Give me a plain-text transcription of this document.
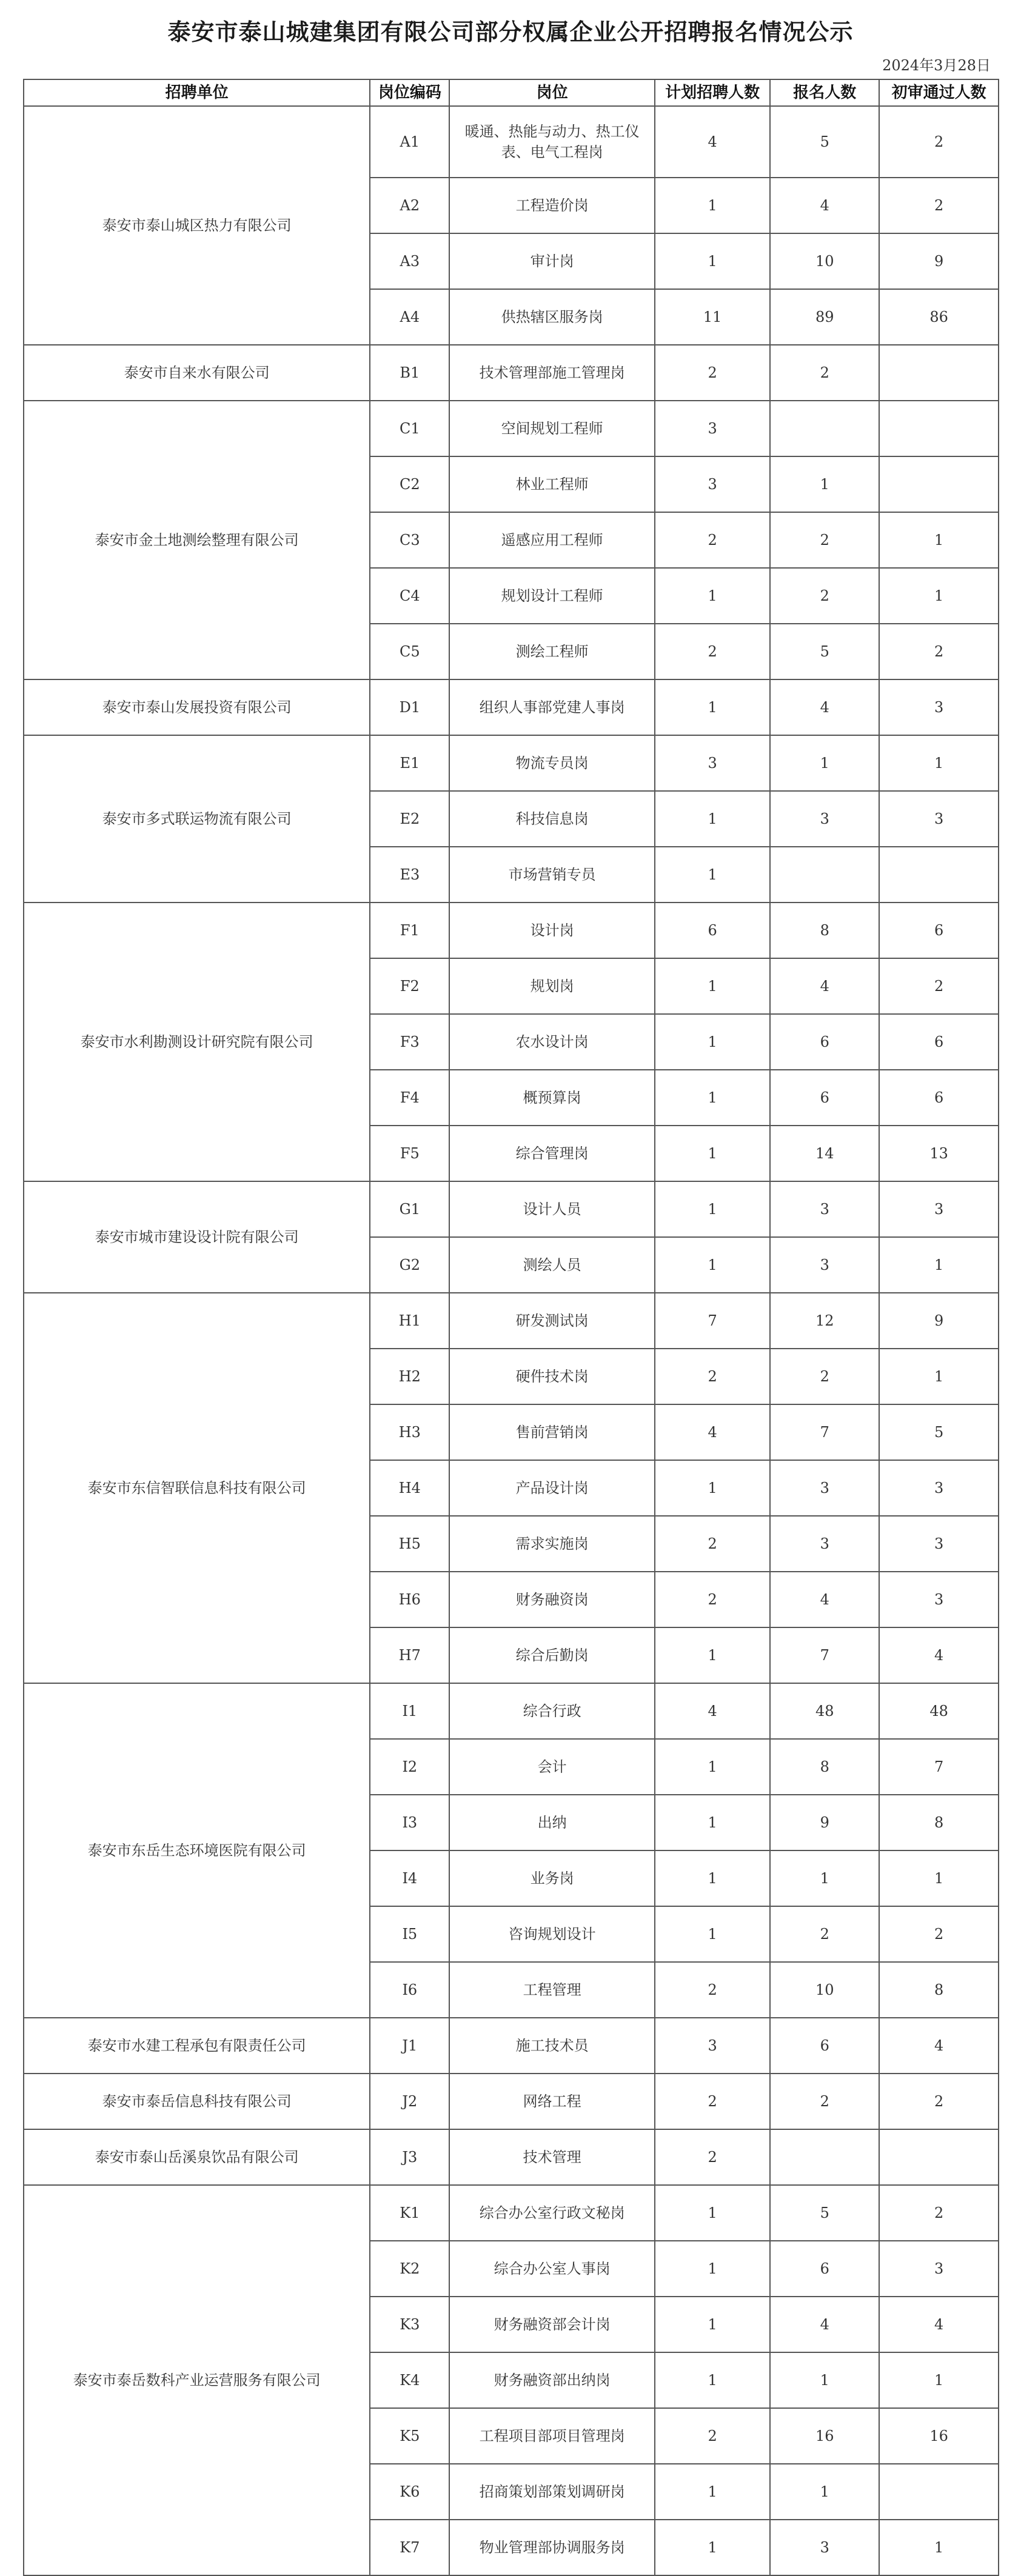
泰安市泰山城建集团有限公司部分权属企业公开招聘报名情况公示
2024年3月28日
招聘单位	岗位编码	岗位	计划招聘人数	报名人数	初审通过人数
泰安市泰山城区热力有限公司	A1	暖通、热能与动力、热工仪表、电气工程岗	4	5	2
	A2	工程造价岗	1	4	2
	A3	审计岗	1	10	9
	A4	供热辖区服务岗	11	89	86
泰安市自来水有限公司	B1	技术管理部施工管理岗	2	2	
泰安市金土地测绘整理有限公司	C1	空间规划工程师	3		
	C2	林业工程师	3	1	
	C3	遥感应用工程师	2	2	1
	C4	规划设计工程师	1	2	1
	C5	测绘工程师	2	5	2
泰安市泰山发展投资有限公司	D1	组织人事部党建人事岗	1	4	3
泰安市多式联运物流有限公司	E1	物流专员岗	3	1	1
	E2	科技信息岗	1	3	3
	E3	市场营销专员	1		
泰安市水利勘测设计研究院有限公司	F1	设计岗	6	8	6
	F2	规划岗	1	4	2
	F3	农水设计岗	1	6	6
	F4	概预算岗	1	6	6
	F5	综合管理岗	1	14	13
泰安市城市建设设计院有限公司	G1	设计人员	1	3	3
	G2	测绘人员	1	3	1
泰安市东信智联信息科技有限公司	H1	研发测试岗	7	12	9
	H2	硬件技术岗	2	2	1
	H3	售前营销岗	4	7	5
	H4	产品设计岗	1	3	3
	H5	需求实施岗	2	3	3
	H6	财务融资岗	2	4	3
	H7	综合后勤岗	1	7	4
泰安市东岳生态环境医院有限公司	I1	综合行政	4	48	48
	I2	会计	1	8	7
	I3	出纳	1	9	8
	I4	业务岗	1	1	1
	I5	咨询规划设计	1	2	2
	I6	工程管理	2	10	8
泰安市水建工程承包有限责任公司	J1	施工技术员	3	6	4
泰安市泰岳信息科技有限公司	J2	网络工程	2	2	2
泰安市泰山岳溪泉饮品有限公司	J3	技术管理	2		
泰安市泰岳数科产业运营服务有限公司	K1	综合办公室行政文秘岗	1	5	2
	K2	综合办公室人事岗	1	6	3
	K3	财务融资部会计岗	1	4	4
	K4	财务融资部出纳岗	1	1	1
	K5	工程项目部项目管理岗	2	16	16
	K6	招商策划部策划调研岗	1	1	
	K7	物业管理部协调服务岗	1	3	1
